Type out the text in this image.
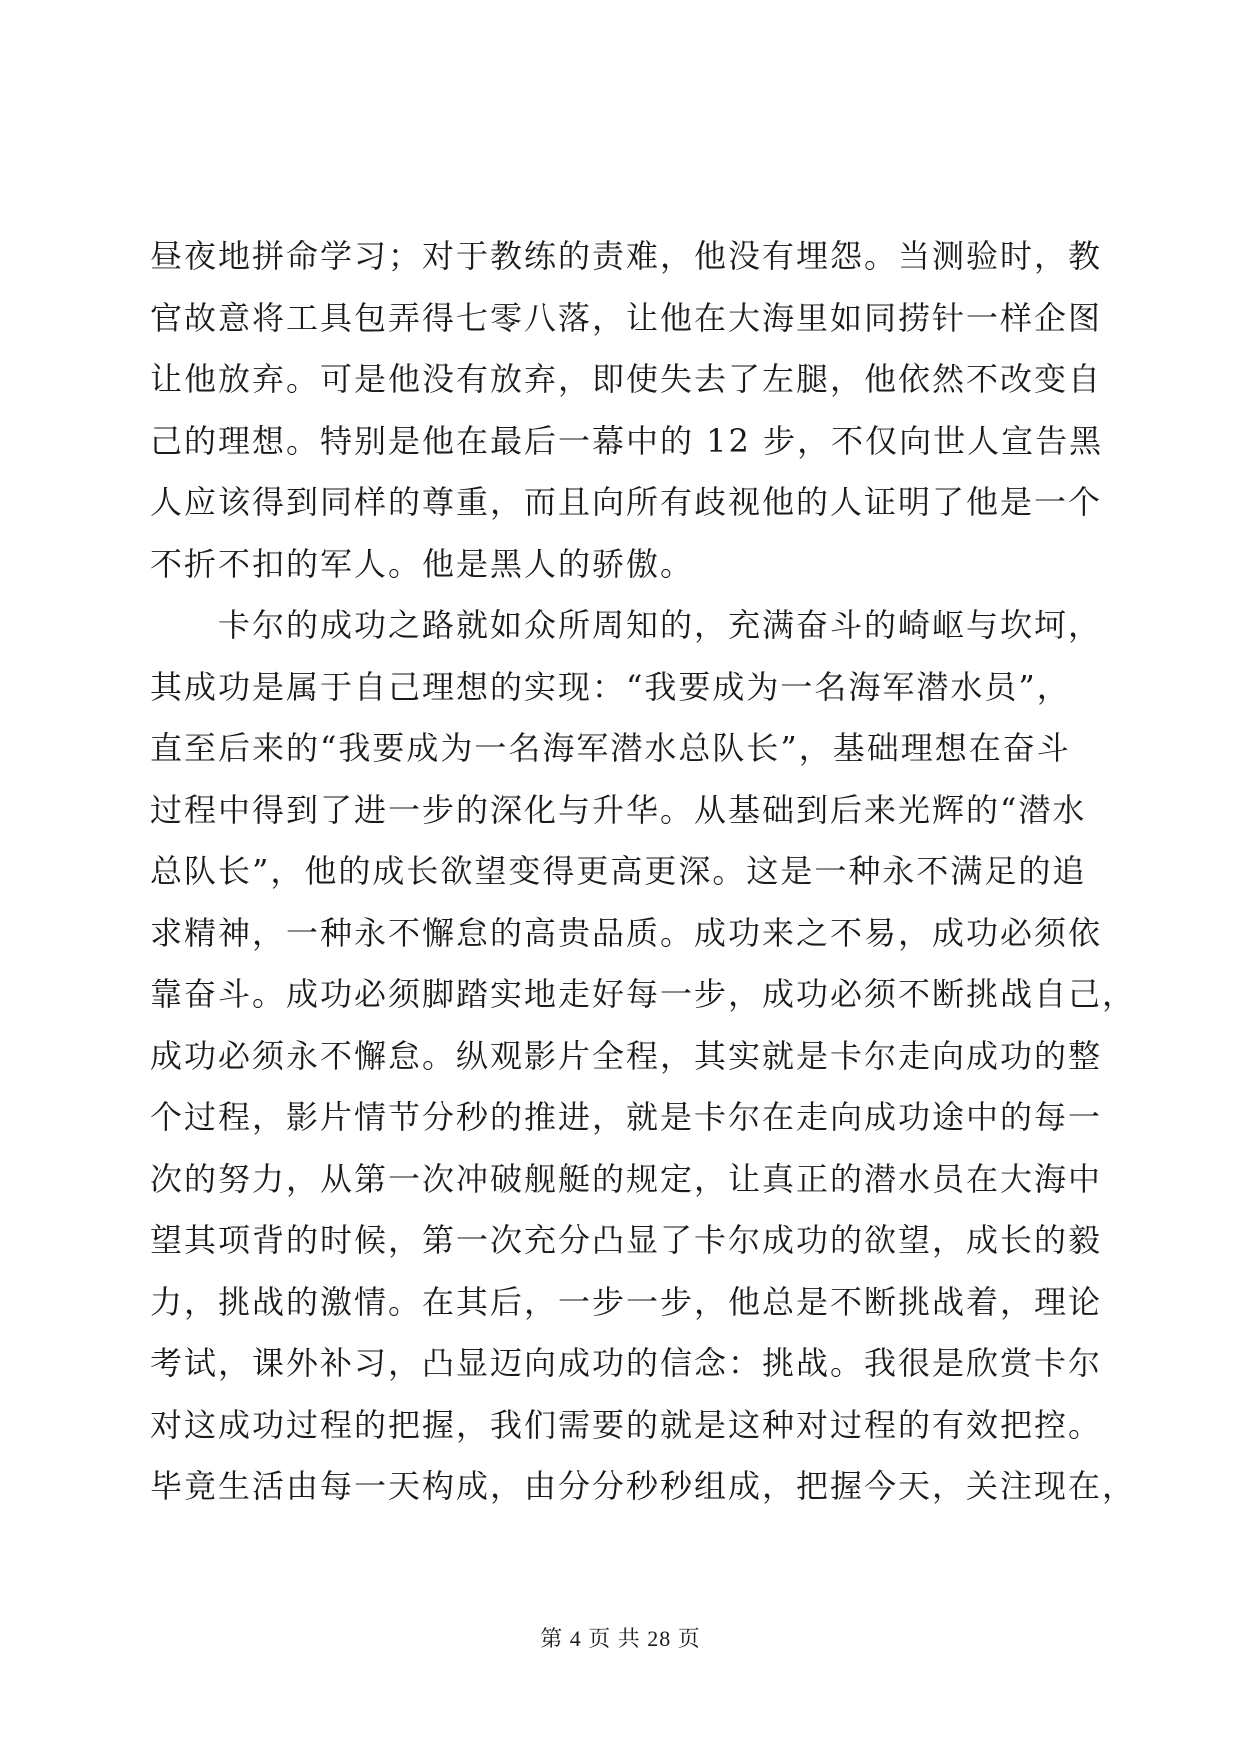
昼夜地拼命学习；对于教练的责难，他没有埋怨。当测验时，教
官故意将工具包弄得七零八落，让他在大海里如同捞针一样企图
让他放弃。可是他没有放弃，即使失去了左腿，他依然不改变自
己的理想。特别是他在最后一幕中的 12 步，不仅向世人宣告黑
人应该得到同样的尊重，而且向所有歧视他的人证明了他是一个
不折不扣的军人。他是黑人的骄傲。
　　卡尔的成功之路就如众所周知的，充满奋斗的崎岖与坎坷，
其成功是属于自己理想的实现：“我要成为一名海军潜水员”，
直至后来的“我要成为一名海军潜水总队长”，基础理想在奋斗
过程中得到了进一步的深化与升华。从基础到后来光辉的“潜水
总队长”，他的成长欲望变得更高更深。这是一种永不满足的追
求精神，一种永不懈怠的高贵品质。成功来之不易，成功必须依
靠奋斗。成功必须脚踏实地走好每一步，成功必须不断挑战自己，
成功必须永不懈怠。纵观影片全程，其实就是卡尔走向成功的整
个过程，影片情节分秒的推进，就是卡尔在走向成功途中的每一
次的努力，从第一次冲破舰艇的规定，让真正的潜水员在大海中
望其项背的时候，第一次充分凸显了卡尔成功的欲望，成长的毅
力，挑战的激情。在其后，一步一步，他总是不断挑战着，理论
考试，课外补习，凸显迈向成功的信念：挑战。我很是欣赏卡尔
对这成功过程的把握，我们需要的就是这种对过程的有效把控。
毕竟生活由每一天构成，由分分秒秒组成，把握今天，关注现在，
第 4 页 共 28 页
